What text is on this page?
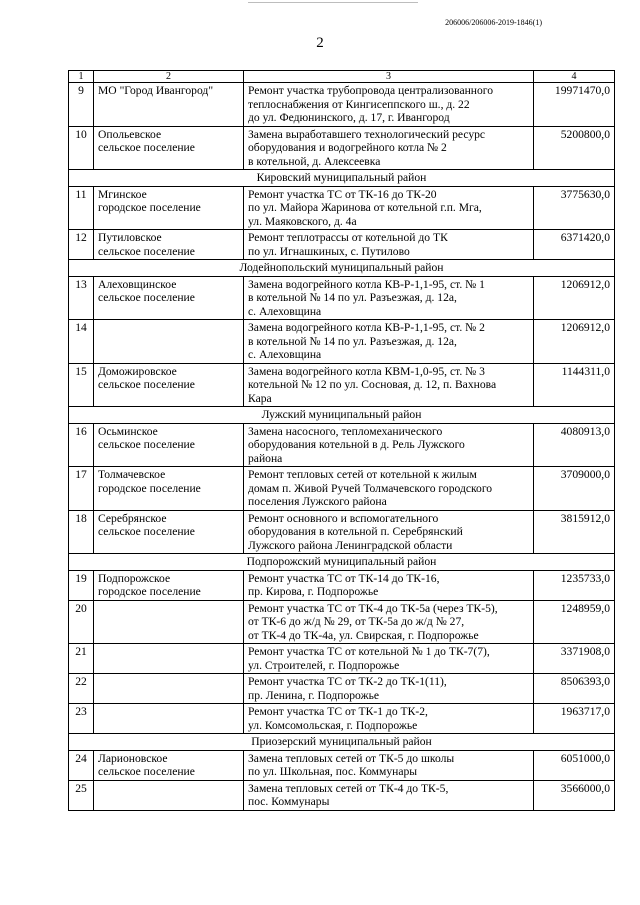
206006/206006-2019-1846(1)
2
1	2	3	4
9	МО "Город Ивангород"	Ремонт участка трубопровода централизованного
теплоснабжения от Кингисеппского ш., д. 22
до ул. Федюнинского, д. 17, г. Ивангород	19971470,0
10	Опольевское
сельское поселение	Замена выработавшего технологический ресурс
оборудования и водогрейного котла № 2
в котельной, д. Алексеевка	5200800,0
Кировский муниципальный район			
11	Мгинское
городское поселение	Ремонт участка ТС от ТК-16 до ТК-20
по ул. Майора Жаринова от котельной г.п. Мга,
ул. Маяковского, д. 4а	3775630,0
12	Путиловское
сельское поселение	Ремонт теплотрассы от котельной до ТК
по ул. Игнашкиных, с. Путилово	6371420,0
Лодейнопольский муниципальный район			
13	Алеховщинское
сельское поселение	Замена водогрейного котла КВ-Р-1,1-95, ст. № 1
в котельной № 14 по ул. Разъезжая, д. 12а,
с. Алеховщина	1206912,0
14		Замена водогрейного котла КВ-Р-1,1-95, ст. № 2
в котельной № 14 по ул. Разъезжая, д. 12а,
с. Алеховщина	1206912,0
15	Доможировское
сельское поселение	Замена водогрейного котла КВМ-1,0-95, ст. № 3
котельной № 12 по ул. Сосновая, д. 12, п. Вахнова
Кара	1144311,0
Лужский муниципальный район			
16	Осьминское
сельское поселение	Замена насосного, тепломеханического
оборудования котельной в д. Рель Лужского
района	4080913,0
17	Толмачевское
городское поселение	Ремонт тепловых сетей от котельной к жилым
домам п. Живой Ручей Толмачевского городского
поселения Лужского района	3709000,0
18	Серебрянское
сельское поселение	Ремонт основного и вспомогательного
оборудования в котельной п. Серебрянский
Лужского района Ленинградской области	3815912,0
Подпорожский муниципальный район			
19	Подпорожское
городское поселение	Ремонт участка ТС от ТК-14 до ТК-16,
пр. Кирова, г. Подпорожье	1235733,0
20		Ремонт участка ТС от ТК-4 до ТК-5а (через ТК-5),
от ТК-6 до ж/д № 29, от ТК-5а до ж/д № 27,
от ТК-4 до ТК-4а, ул. Свирская, г. Подпорожье	1248959,0
21		Ремонт участка ТС от котельной № 1 до ТК-7(7),
ул. Строителей, г. Подпорожье	3371908,0
22		Ремонт участка ТС от ТК-2 до ТК-1(11),
пр. Ленина, г. Подпорожье	8506393,0
23		Ремонт участка ТС от ТК-1 до ТК-2,
ул. Комсомольская, г. Подпорожье	1963717,0
Приозерский муниципальный район			
24	Ларионовское
сельское поселение	Замена тепловых сетей от ТК-5 до школы
по ул. Школьная, пос. Коммунары	6051000,0
25		Замена тепловых сетей от ТК-4 до ТК-5,
пос. Коммунары	3566000,0
